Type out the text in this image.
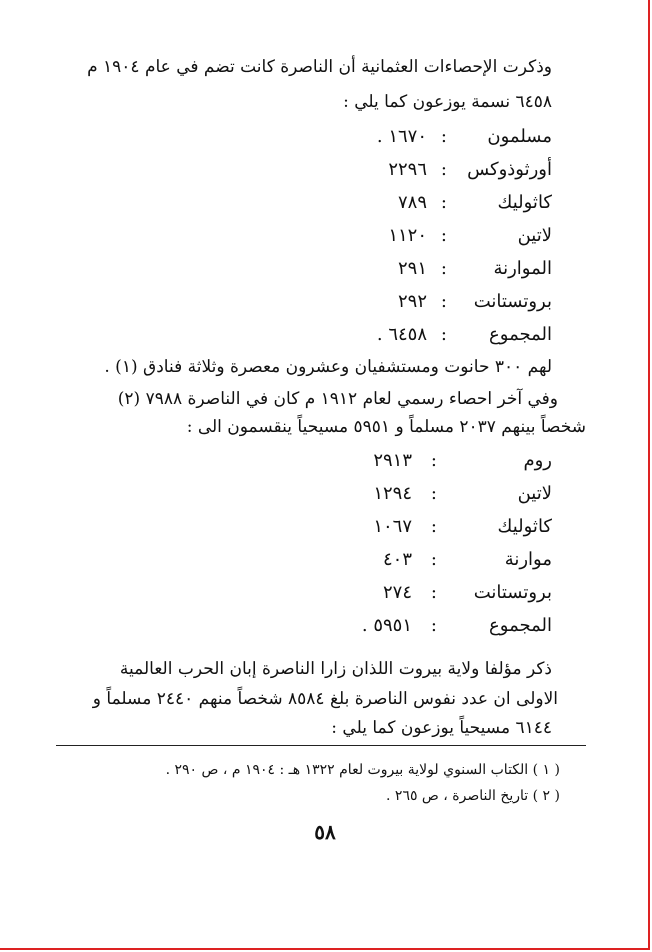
وذكرت الإحصاءات العثمانية أن الناصرة كانت تضم في عام ١٩٠٤ م
٦٤٥٨ نسمة يوزعون كما يلي :
مسلمون
:
١٦٧٠ .
أورثوذوكس
:
٢٢٩٦
كاثوليك
:
٧٨٩
لاتين
:
١١٢٠
الموارنة
:
٢٩١
بروتستانت
:
٢٩٢
المجموع
:
٦٤٥٨ .
لهم ٣٠٠ حانوت ومستشفيان وعشرون معصرة وثلاثة فنادق (١) .
وفي آخر احصاء رسمي لعام ١٩١٢ م كان في الناصرة ٧٩٨٨ (٢)
شخصاً بينهم ٢٠٣٧ مسلماً و ٥٩٥١ مسيحياً ينقسمون الى :
روم
:
٢٩١٣
لاتين
:
١٢٩٤
كاثوليك
:
١٠٦٧
موارنة
:
٤٠٣
بروتستانت
:
٢٧٤
المجموع
:
٥٩٥١ .
ذكر مؤلفا ولاية بيروت اللذان زارا الناصرة إبان الحرب العالمية
الاولى ان عدد نفوس الناصرة بلغ ٨٥٨٤ شخصاً منهم ٢٤٤٠ مسلماً و
٦١٤٤ مسيحياً يوزعون كما يلي :
( ١ ) الكتاب السنوي لولاية بيروت لعام ١٣٢٢ هـ : ١٩٠٤ م ، ص ٢٩٠ .
( ٢ ) تاريخ الناصرة ، ص ٢٦٥ .
٥٨
